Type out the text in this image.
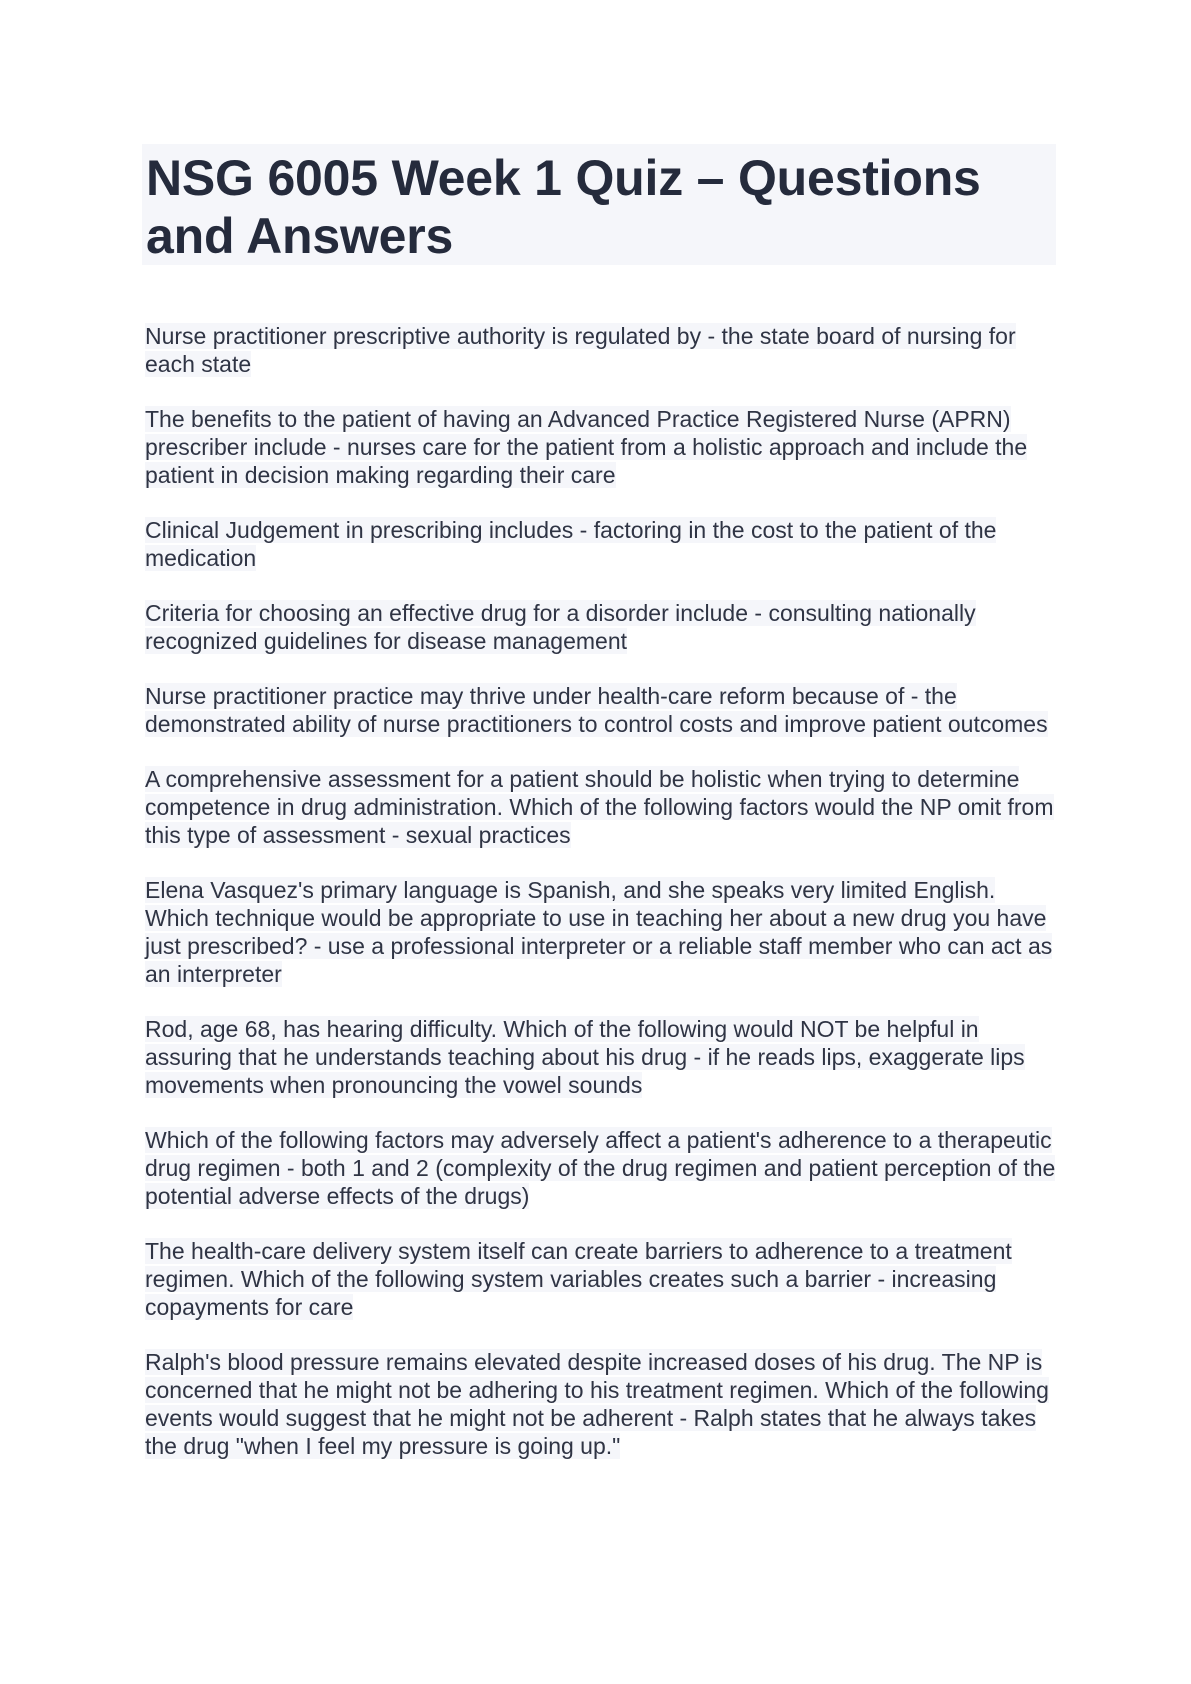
NSG 6005 Week 1 Quiz – Questions and Answers
Nurse practitioner prescriptive authority is regulated by - the state board of nursing for each state
The benefits to the patient of having an Advanced Practice Registered Nurse (APRN) prescriber include - nurses care for the patient from a holistic approach and include the patient in decision making regarding their care
Clinical Judgement in prescribing includes - factoring in the cost to the patient of the medication
Criteria for choosing an effective drug for a disorder include - consulting nationally recognized guidelines for disease management
Nurse practitioner practice may thrive under health-care reform because of - the demonstrated ability of nurse practitioners to control costs and improve patient outcomes
A comprehensive assessment for a patient should be holistic when trying to determine competence in drug administration. Which of the following factors would the NP omit from this type of assessment - sexual practices
Elena Vasquez's primary language is Spanish, and she speaks very limited English. Which technique would be appropriate to use in teaching her about a new drug you have just prescribed? - use a professional interpreter or a reliable staff member who can act as an interpreter
Rod, age 68, has hearing difficulty. Which of the following would NOT be helpful in assuring that he understands teaching about his drug - if he reads lips, exaggerate lips movements when pronouncing the vowel sounds
Which of the following factors may adversely affect a patient's adherence to a therapeutic drug regimen - both 1 and 2 (complexity of the drug regimen and patient perception of the potential adverse effects of the drugs)
The health-care delivery system itself can create barriers to adherence to a treatment regimen. Which of the following system variables creates such a barrier - increasing copayments for care
Ralph's blood pressure remains elevated despite increased doses of his drug. The NP is concerned that he might not be adhering to his treatment regimen. Which of the following events would suggest that he might not be adherent - Ralph states that he always takes the drug "when I feel my pressure is going up."
